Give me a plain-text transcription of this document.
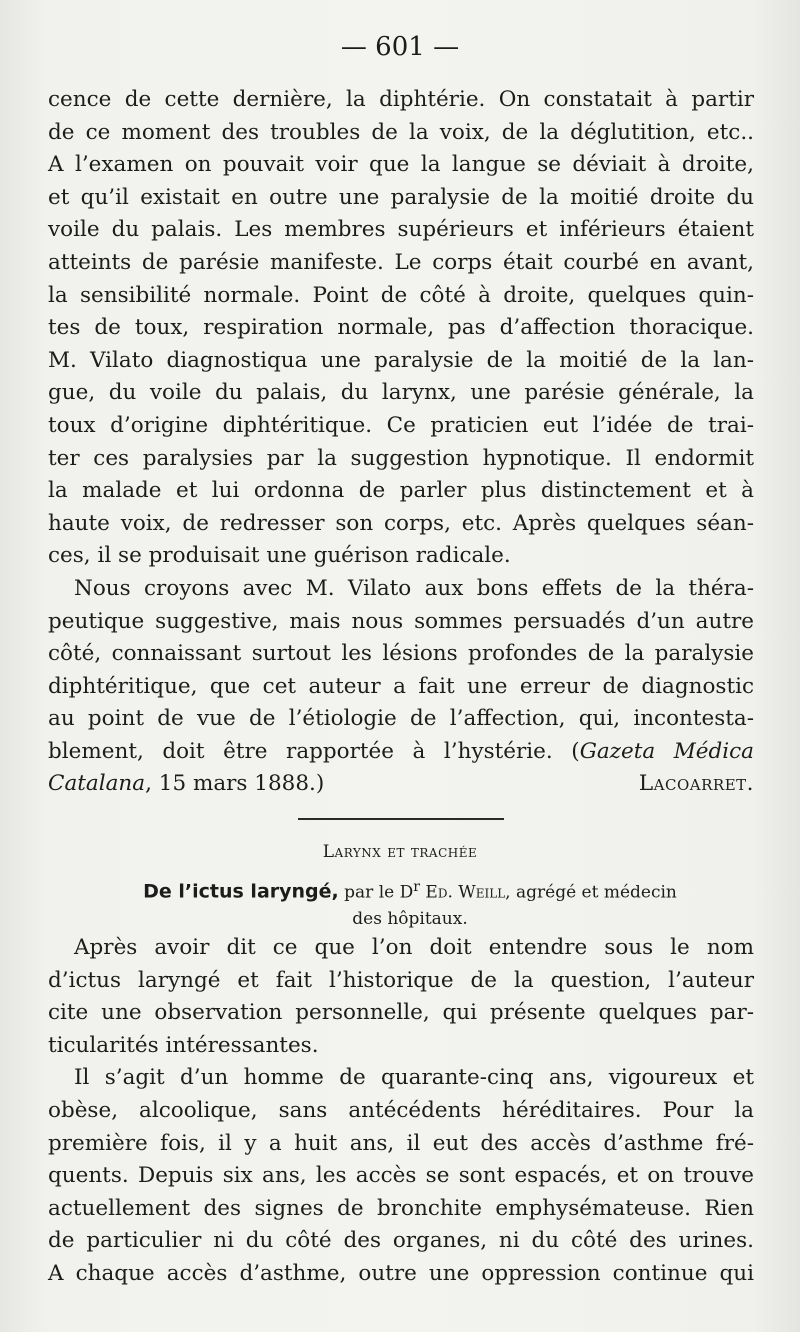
— 601 —
cence de cette dernière, la diphtérie. On constatait à partir
de ce moment des troubles de la voix, de la déglutition, etc..
A l’examen on pouvait voir que la langue se déviait à droite,
et qu’il existait en outre une paralysie de la moitié droite du
voile du palais. Les membres supérieurs et inférieurs étaient
atteints de parésie manifeste. Le corps était courbé en avant,
la sensibilité normale. Point de côté à droite, quelques quin-
tes de toux, respiration normale, pas d’affection thoracique.
M. Vilato diagnostiqua une paralysie de la moitié de la lan-
gue, du voile du palais, du larynx, une parésie générale, la
toux d’origine diphtéritique. Ce praticien eut l’idée de trai-
ter ces paralysies par la suggestion hypnotique. Il endormit
la malade et lui ordonna de parler plus distinctement et à
haute voix, de redresser son corps, etc. Après quelques séan-
ces, il se produisait une guérison radicale.
Nous croyons avec M. Vilato aux bons effets de la théra-
peutique suggestive, mais nous sommes persuadés d’un autre
côté, connaissant surtout les lésions profondes de la paralysie
diphtéritique, que cet auteur a fait une erreur de diagnostic
au point de vue de l’étiologie de l’affection, qui, incontesta-
blement, doit être rapportée à l’hystérie. (Gazeta Médica
Catalana, 15 mars 1888.)	Lacoarret.
Larynx et trachée
De l’ictus laryngé, par le $D^r$ Ed. Weill, agrégé et médecin
des hôpitaux.
Après avoir dit ce que l’on doit entendre sous le nom
d’ictus laryngé et fait l’historique de la question, l’auteur
cite une observation personnelle, qui présente quelques par-
ticularités intéressantes.
Il s’agit d’un homme de quarante-cinq ans, vigoureux et
obèse, alcoolique, sans antécédents héréditaires. Pour la
première fois, il y a huit ans, il eut des accès d’asthme fré-
quents. Depuis six ans, les accès se sont espacés, et on trouve
actuellement des signes de bronchite emphysémateuse. Rien
de particulier ni du côté des organes, ni du côté des urines.
A chaque accès d’asthme, outre une oppression continue qui
